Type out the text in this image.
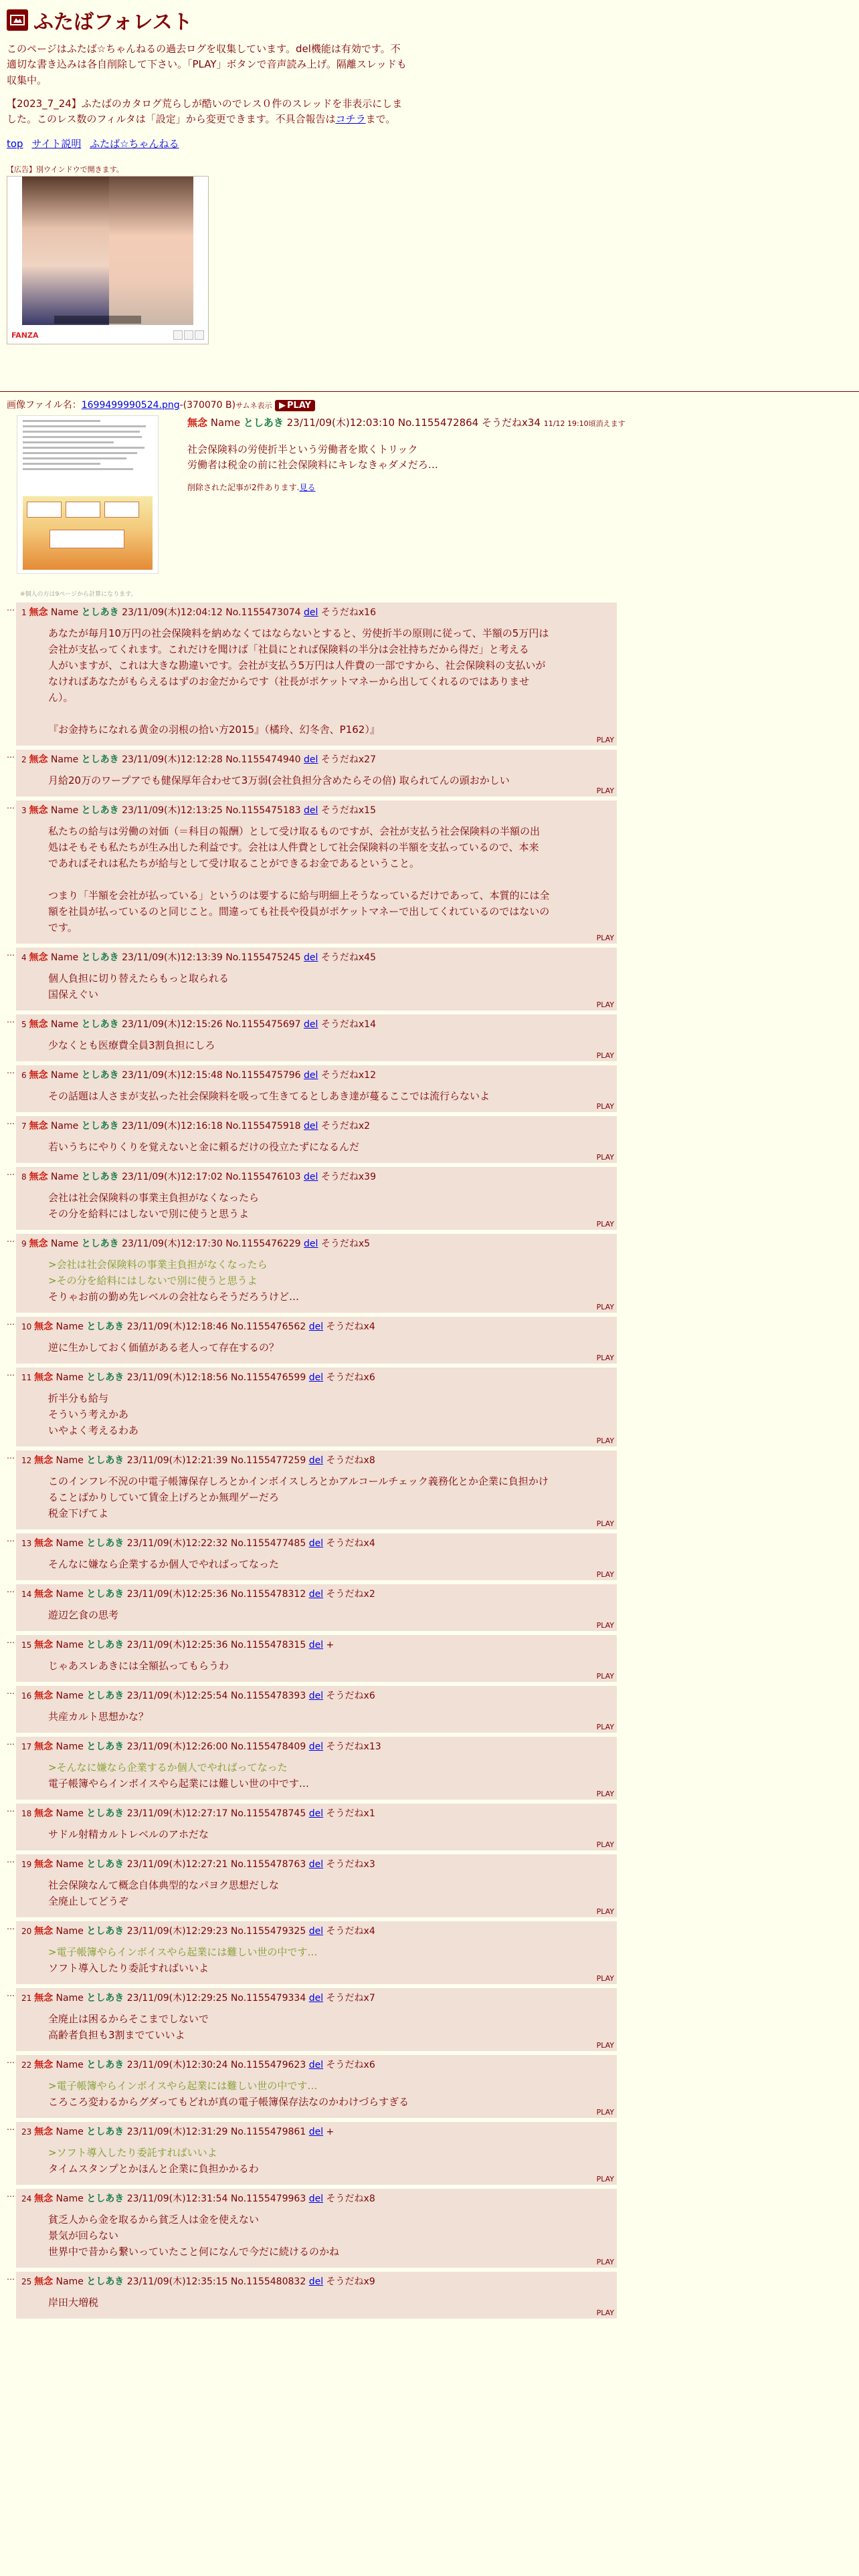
ふたばフォレスト

このページはふたば☆ちゃんねるの過去ログを収集しています。del機能は有効です。不適切な書き込みは各自削除して下さい。「PLAY」ボタンで音声読み上げ。隔離スレッドも収集中。

【2023_7_24】ふたばのカタログ荒らしが酷いのでレス０件のスレッドを非表示にしました。このレス数のフィルタは「設定」から変更できます。不具合報告はコチラまで。

top サイト説明 ふたば☆ちゃんねる
【広告】別ウインドウで開きます。
FANZA
画像ファイル名：1699499990524.png-(370070 B)サムネ表示 ▶ PLAY
※個人の方は9ページから計算になります。
無念 Name としあき 23/11/09(木)12:03:10 No.1155472864 そうだねx34 11/12 19:10頃消えます
社会保険料の労使折半という労働者を欺くトリック
労働者は税金の前に社会保険料にキレなきゃダメだろ…
削除された記事が2件あります.見る
… 1 無念 Name としあき 23/11/09(木)12:04:12 No.1155473074 del そうだねx16
あなたが毎月10万円の社会保険料を納めなくてはならないとすると、労使折半の原則に従って、半額の5万円は
会社が支払ってくれます。これだけを聞けば「社員にとれば保険料の半分は会社持ちだから得だ」と考える
人がいますが、これは大きな勘違いです。会社が支払う5万円は人件費の一部ですから、社会保険料の支払いが
なければあなたがもらえるはずのお金だからです（社長がポケットマネーから出してくれるのではありませ
ん）。

『お金持ちになれる黄金の羽根の拾い方2015』（橘玲、幻冬舎、P162）』
PLAY
… 2 無念 Name としあき 23/11/09(木)12:12:28 No.1155474940 del そうだねx27
月給20万のワープアでも健保厚年合わせて3万弱(会社負担分含めたらその倍) 取られてんの頭おかしい
PLAY
… 3 無念 Name としあき 23/11/09(木)12:13:25 No.1155475183 del そうだねx15
私たちの給与は労働の対価（＝科目の報酬）として受け取るものですが、会社が支払う社会保険料の半額の出
処はそもそも私たちが生み出した利益です。会社は人件費として社会保険料の半額を支払っているので、本来
であればそれは私たちが給与として受け取ることができるお金であるということ。

つまり「半額を会社が払っている」というのは要するに給与明細上そうなっているだけであって、本質的には全
額を社員が払っているのと同じこと。間違っても社長や役員がポケットマネーで出してくれているのではないの
です。
PLAY
… 4 無念 Name としあき 23/11/09(木)12:13:39 No.1155475245 del そうだねx45
個人負担に切り替えたらもっと取られる
国保えぐい
PLAY
… 5 無念 Name としあき 23/11/09(木)12:15:26 No.1155475697 del そうだねx14
少なくとも医療費全員3割負担にしろ
PLAY
… 6 無念 Name としあき 23/11/09(木)12:15:48 No.1155475796 del そうだねx12
その話題は人さまが支払った社会保険料を吸って生きてるとしあき達が蔓るここでは流行らないよ
PLAY
… 7 無念 Name としあき 23/11/09(木)12:16:18 No.1155475918 del そうだねx2
若いうちにやりくりを覚えないと金に頼るだけの役立たずになるんだ
PLAY
… 8 無念 Name としあき 23/11/09(木)12:17:02 No.1155476103 del そうだねx39
会社は社会保険料の事業主負担がなくなったら
その分を給料にはしないで別に使うと思うよ
PLAY
… 9 無念 Name としあき 23/11/09(木)12:17:30 No.1155476229 del そうだねx5
>会社は社会保険料の事業主負担がなくなったら
>その分を給料にはしないで別に使うと思うよ
そりゃお前の勤め先レベルの会社ならそうだろうけど…
PLAY
… 10 無念 Name としあき 23/11/09(木)12:18:46 No.1155476562 del そうだねx4
逆に生かしておく価値がある老人って存在するの？
PLAY
… 11 無念 Name としあき 23/11/09(木)12:18:56 No.1155476599 del そうだねx6
折半分も給与
そういう考えかあ
いやよく考えるわあ
PLAY
… 12 無念 Name としあき 23/11/09(木)12:21:39 No.1155477259 del そうだねx8
このインフレ不況の中電子帳簿保存しろとかインボイスしろとかアルコールチェック義務化とか企業に負担かけ
ることばかりしていて賃金上げろとか無理ゲーだろ
税金下げてよ
PLAY
… 13 無念 Name としあき 23/11/09(木)12:22:32 No.1155477485 del そうだねx4
そんなに嫌なら企業するか個人でやればってなった
PLAY
… 14 無念 Name としあき 23/11/09(木)12:25:36 No.1155478312 del そうだねx2
遊辺乞食の思考
PLAY
… 15 無念 Name としあき 23/11/09(木)12:25:36 No.1155478315 del +
じゃあスレあきには全額払ってもらうわ
PLAY
… 16 無念 Name としあき 23/11/09(木)12:25:54 No.1155478393 del そうだねx6
共産カルト思想かな？
PLAY
… 17 無念 Name としあき 23/11/09(木)12:26:00 No.1155478409 del そうだねx13
>そんなに嫌なら企業するか個人でやればってなった
電子帳簿やらインボイスやら起業には難しい世の中です…
PLAY
… 18 無念 Name としあき 23/11/09(木)12:27:17 No.1155478745 del そうだねx1
サドル射精カルトレベルのアホだな
PLAY
… 19 無念 Name としあき 23/11/09(木)12:27:21 No.1155478763 del そうだねx3
社会保険なんて概念自体典型的なパヨク思想だしな
全廃止してどうぞ
PLAY
… 20 無念 Name としあき 23/11/09(木)12:29:23 No.1155479325 del そうだねx4
>電子帳簿やらインボイスやら起業には難しい世の中です…
ソフト導入したり委託すればいいよ
PLAY
… 21 無念 Name としあき 23/11/09(木)12:29:25 No.1155479334 del そうだねx7
全廃止は困るからそこまでしないで
高齢者負担も3割までていいよ
PLAY
… 22 無念 Name としあき 23/11/09(木)12:30:24 No.1155479623 del そうだねx6
>電子帳簿やらインボイスやら起業には難しい世の中です…
ころころ変わるからグダってもどれが真の電子帳簿保存法なのかわけづらすぎる
PLAY
… 23 無念 Name としあき 23/11/09(木)12:31:29 No.1155479861 del +
>ソフト導入したり委託すればいいよ
タイムスタンプとかほんと企業に負担かかるわ
PLAY
… 24 無念 Name としあき 23/11/09(木)12:31:54 No.1155479963 del そうだねx8
貧乏人から金を取るから貧乏人は金を使えない
景気が回らない
世界中で昔から繋いっていたこと何になんで今だに続けるのかね
PLAY
… 25 無念 Name としあき 23/11/09(木)12:35:15 No.1155480832 del そうだねx9
岸田大増税
PLAY
